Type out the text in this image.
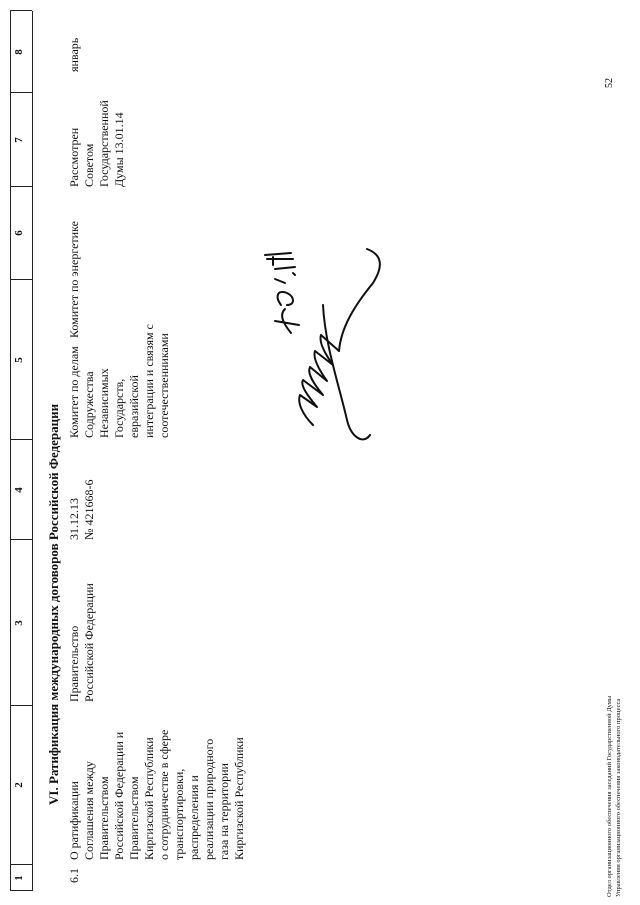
1
2
3
4
5
6
7
8
VI. Ратификация международных договоров Российской Федерации
6.1
О ратификации
Соглашения между
Правительством
Российской Федерации и
Правительством
Киргизской Республики
о сотрудничестве в сфере
транспортировки,
распределения и
реализации природного
газа на территории
Киргизской Республики
Правительство
Российской Федерации
31.12.13
№ 421668-6
Комитет по делам
Содружества
Независимых
Государств,
евразийской
интеграции и связям с
соотечественниками
Комитет по энергетике
Рассмотрен
Советом
Государственной
Думы 13.01.14
январь
Отдел организационного обеспечения заседаний Государственной Думы Управления организационного обеспечения законодательного процесса
52
